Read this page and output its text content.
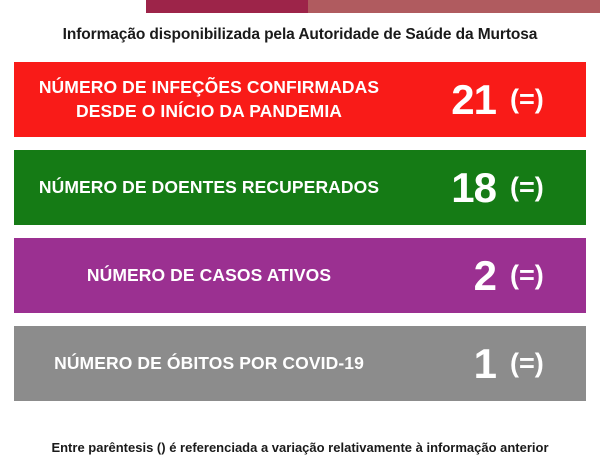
Informação disponibilizada pela Autoridade de Saúde da Murtosa
NÚMERO DE INFEÇÕES CONFIRMADAS DESDE O INÍCIO DA PANDEMIA	21 (=)
NÚMERO DE DOENTES RECUPERADOS	18 (=)
NÚMERO DE CASOS ATIVOS	2 (=)
NÚMERO DE ÓBITOS POR COVID-19	1 (=)
Entre parêntesis () é referenciada a variação relativamente à informação anterior
